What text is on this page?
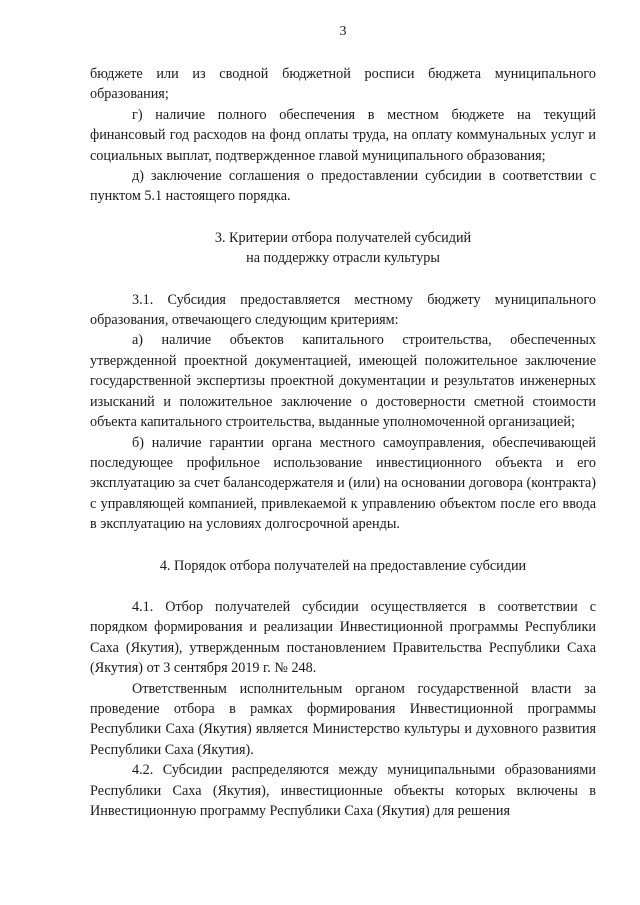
3

бюджете или из сводной бюджетной росписи бюджета муниципального образования;

г) наличие полного обеспечения в местном бюджете на текущий финансовый год расходов на фонд оплаты труда, на оплату коммунальных услуг и социальных выплат, подтвержденное главой муниципального образования;

д) заключение соглашения о предоставлении субсидии в соответствии с пунктом 5.1 настоящего порядка.

3. Критерии отбора получателей субсидий

на поддержку отрасли культуры

3.1. Субсидия предоставляется местному бюджету муниципального образования, отвечающего следующим критериям:

а) наличие объектов капитального строительства, обеспеченных утвержденной проектной документацией, имеющей положительное заключение государственной экспертизы проектной документации и результатов инженерных изысканий и положительное заключение о достоверности сметной стоимости объекта капитального строительства, выданные уполномоченной организацией;

б) наличие гарантии органа местного самоуправления, обеспечивающей последующее профильное использование инвестиционного объекта и его эксплуатацию за счет балансодержателя и (или) на основании договора (контракта) с управляющей компанией, привлекаемой к управлению объектом после его ввода в эксплуатацию на условиях долгосрочной аренды.

4. Порядок отбора получателей на предоставление субсидии

4.1. Отбор получателей субсидии осуществляется в соответствии с порядком формирования и реализации Инвестиционной программы Республики Саха (Якутия), утвержденным постановлением Правительства Республики Саха (Якутия) от 3 сентября 2019 г. № 248.

Ответственным исполнительным органом государственной власти за проведение отбора в рамках формирования Инвестиционной программы Республики Саха (Якутия) является Министерство культуры и духовного развития Республики Саха (Якутия).

4.2. Субсидии распределяются между муниципальными образованиями Республики Саха (Якутия), инвестиционные объекты которых включены в Инвестиционную программу Республики Саха (Якутия) для решения
